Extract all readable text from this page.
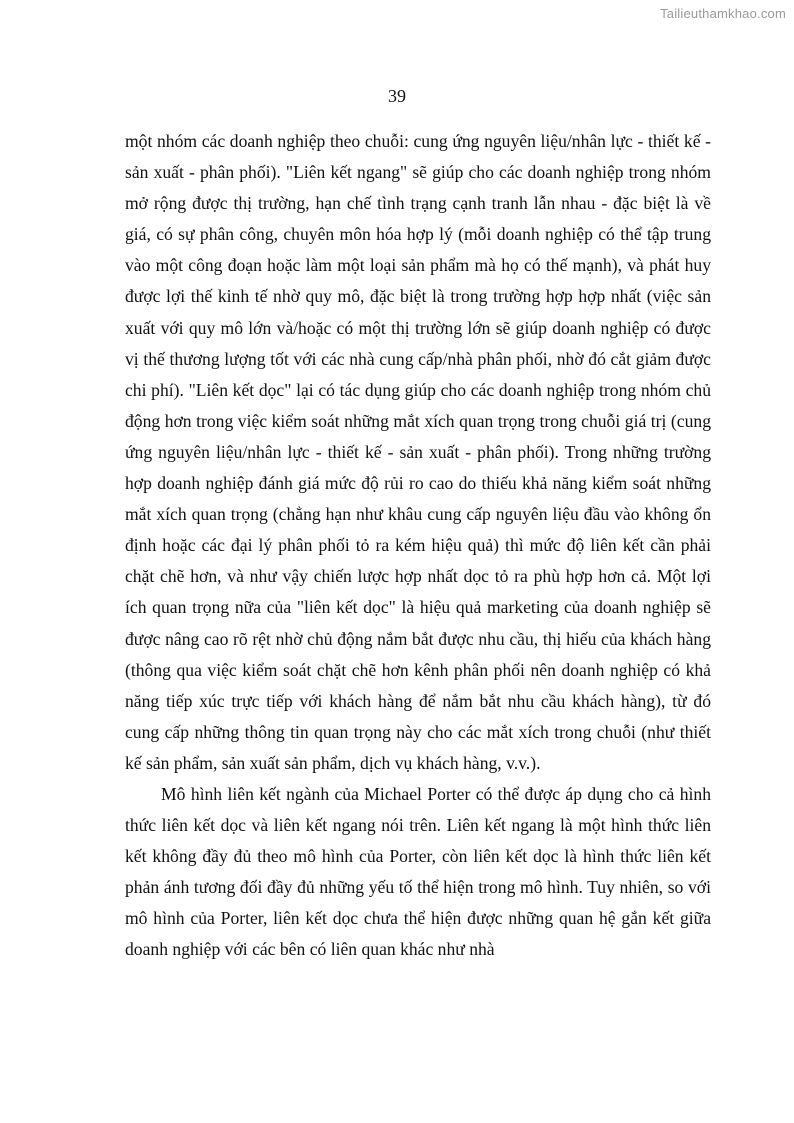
Tailieuthamkhao.com
39

một nhóm các doanh nghiệp theo chuỗi: cung ứng nguyên liệu/nhân lực - thiết kế - sản xuất - phân phối). "Liên kết ngang" sẽ giúp cho các doanh nghiệp trong nhóm mở rộng được thị trường, hạn chế tình trạng cạnh tranh lẫn nhau - đặc biệt là về giá, có sự phân công, chuyên môn hóa hợp lý (mỗi doanh nghiệp có thể tập trung vào một công đoạn hoặc làm một loại sản phẩm mà họ có thế mạnh), và phát huy được lợi thế kinh tế nhờ quy mô, đặc biệt là trong trường hợp hợp nhất (việc sản xuất với quy mô lớn và/hoặc có một thị trường lớn sẽ giúp doanh nghiệp có được vị thế thương lượng tốt với các nhà cung cấp/nhà phân phối, nhờ đó cắt giảm được chi phí). "Liên kết dọc" lại có tác dụng giúp cho các doanh nghiệp trong nhóm chủ động hơn trong việc kiểm soát những mắt xích quan trọng trong chuỗi giá trị (cung ứng nguyên liệu/nhân lực - thiết kế - sản xuất - phân phối). Trong những trường hợp doanh nghiệp đánh giá mức độ rủi ro cao do thiếu khả năng kiểm soát những mắt xích quan trọng (chẳng hạn như khâu cung cấp nguyên liệu đầu vào không ổn định hoặc các đại lý phân phối tỏ ra kém hiệu quả) thì mức độ liên kết cần phải chặt chẽ hơn, và như vậy chiến lược hợp nhất dọc tỏ ra phù hợp hơn cả. Một lợi ích quan trọng nữa của "liên kết dọc" là hiệu quả marketing của doanh nghiệp sẽ được nâng cao rõ rệt nhờ chủ động nắm bắt được nhu cầu, thị hiếu của khách hàng (thông qua việc kiểm soát chặt chẽ hơn kênh phân phối nên doanh nghiệp có khả năng tiếp xúc trực tiếp với khách hàng để nắm bắt nhu cầu khách hàng), từ đó cung cấp những thông tin quan trọng này cho các mắt xích trong chuỗi (như thiết kế sản phẩm, sản xuất sản phẩm, dịch vụ khách hàng, v.v.).

Mô hình liên kết ngành của Michael Porter có thể được áp dụng cho cả hình thức liên kết dọc và liên kết ngang nói trên. Liên kết ngang là một hình thức liên kết không đầy đủ theo mô hình của Porter, còn liên kết dọc là hình thức liên kết phản ánh tương đối đầy đủ những yếu tố thể hiện trong mô hình. Tuy nhiên, so với mô hình của Porter, liên kết dọc chưa thể hiện được những quan hệ gắn kết giữa doanh nghiệp với các bên có liên quan khác như nhà
